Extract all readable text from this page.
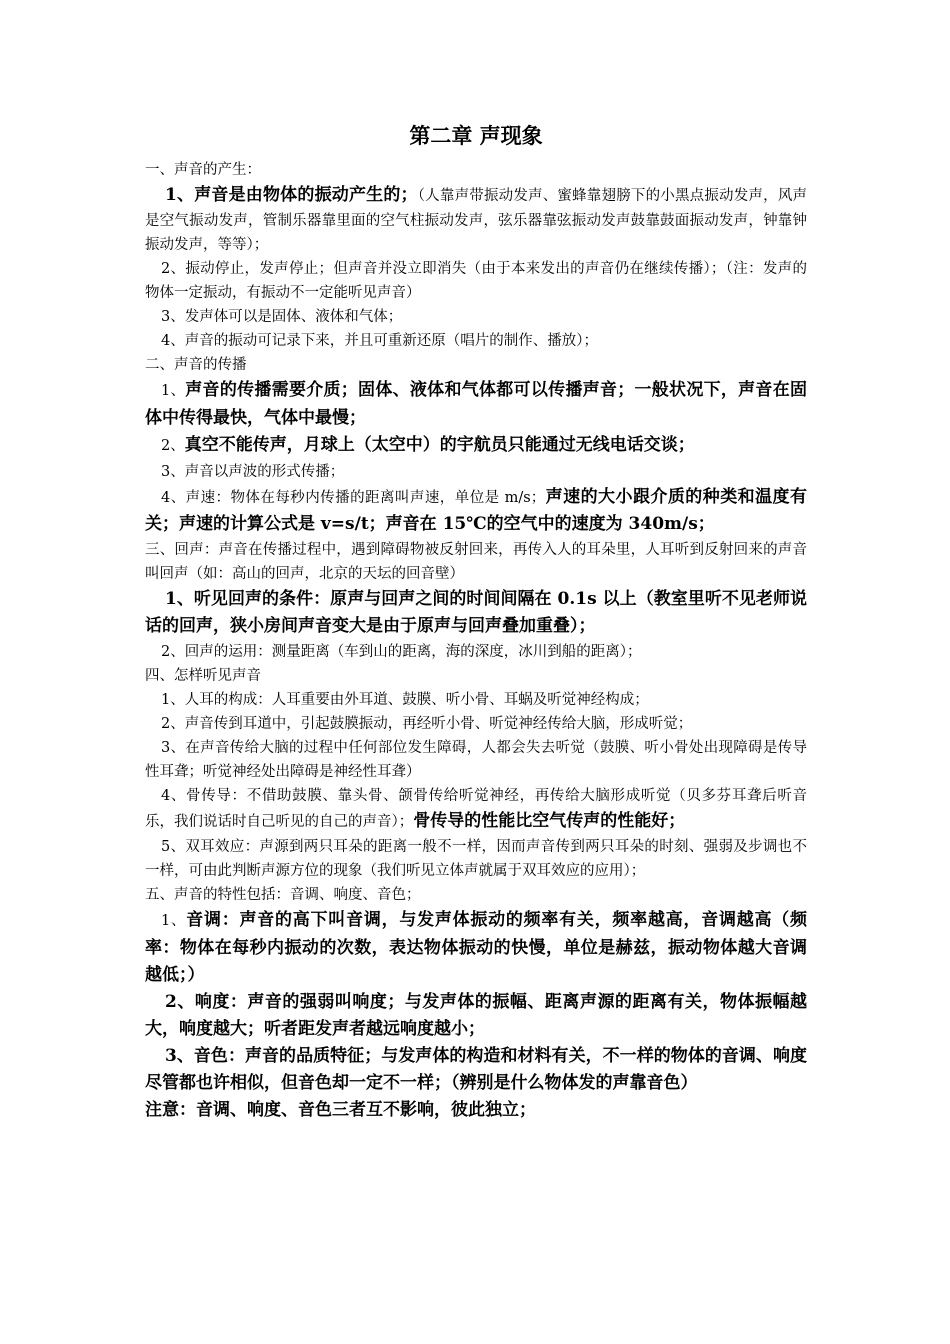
第二章 声现象

一、声音的产生：

1、声音是由物体的振动产生的；（人靠声带振动发声、蜜蜂靠翅膀下的小黑点振动发声，风声是空气振动发声，管制乐器靠里面的空气柱振动发声，弦乐器靠弦振动发声鼓靠鼓面振动发声，钟靠钟振动发声，等等）；

2、振动停止，发声停止；但声音并没立即消失（由于本来发出的声音仍在继续传播）；（注：发声的物体一定振动，有振动不一定能听见声音）

3、发声体可以是固体、液体和气体；

4、声音的振动可记录下来，并且可重新还原（唱片的制作、播放）；

二、声音的传播

1、声音的传播需要介质；固体、液体和气体都可以传播声音；一般状况下，声音在固体中传得最快，气体中最慢；

2、真空不能传声，月球上（太空中）的宇航员只能通过无线电话交谈；

3、声音以声波的形式传播；

4、声速：物体在每秒内传播的距离叫声速，单位是 m/s；声速的大小跟介质的种类和温度有关；声速的计算公式是 v=s/t；声音在 15℃的空气中的速度为 340m/s；

三、回声：声音在传播过程中，遇到障碍物被反射回来，再传入人的耳朵里，人耳听到反射回来的声音叫回声（如：高山的回声，北京的天坛的回音壁）

1、听见回声的条件：原声与回声之间的时间间隔在 0.1s 以上（教室里听不见老师说话的回声，狭小房间声音变大是由于原声与回声叠加重叠）；

2、回声的运用：测量距离（车到山的距离，海的深度，冰川到船的距离）；

四、怎样听见声音

1、人耳的构成：人耳重要由外耳道、鼓膜、听小骨、耳蜗及听觉神经构成；

2、声音传到耳道中，引起鼓膜振动，再经听小骨、听觉神经传给大脑，形成听觉；

3、在声音传给大脑的过程中任何部位发生障碍，人都会失去听觉（鼓膜、听小骨处出现障碍是传导性耳聋；听觉神经处出障碍是神经性耳聋）

4、骨传导：不借助鼓膜、靠头骨、颌骨传给听觉神经，再传给大脑形成听觉（贝多芬耳聋后听音乐，我们说话时自己听见的自己的声音）；骨传导的性能比空气传声的性能好；

5、双耳效应：声源到两只耳朵的距离一般不一样，因而声音传到两只耳朵的时刻、强弱及步调也不一样，可由此判断声源方位的现象（我们听见立体声就属于双耳效应的应用）；

五、声音的特性包括：音调、响度、音色；

1、音调：声音的高下叫音调，与发声体振动的频率有关，频率越高，音调越高（频率：物体在每秒内振动的次数，表达物体振动的快慢，单位是赫兹，振动物体越大音调越低；）

2、响度：声音的强弱叫响度；与发声体的振幅、距离声源的距离有关，物体振幅越大，响度越大；听者距发声者越远响度越小；

3、音色：声音的品质特征；与发声体的构造和材料有关，不一样的物体的音调、响度尽管都也许相似，但音色却一定不一样；（辨别是什么物体发的声靠音色）

注意：音调、响度、音色三者互不影响，彼此独立；
